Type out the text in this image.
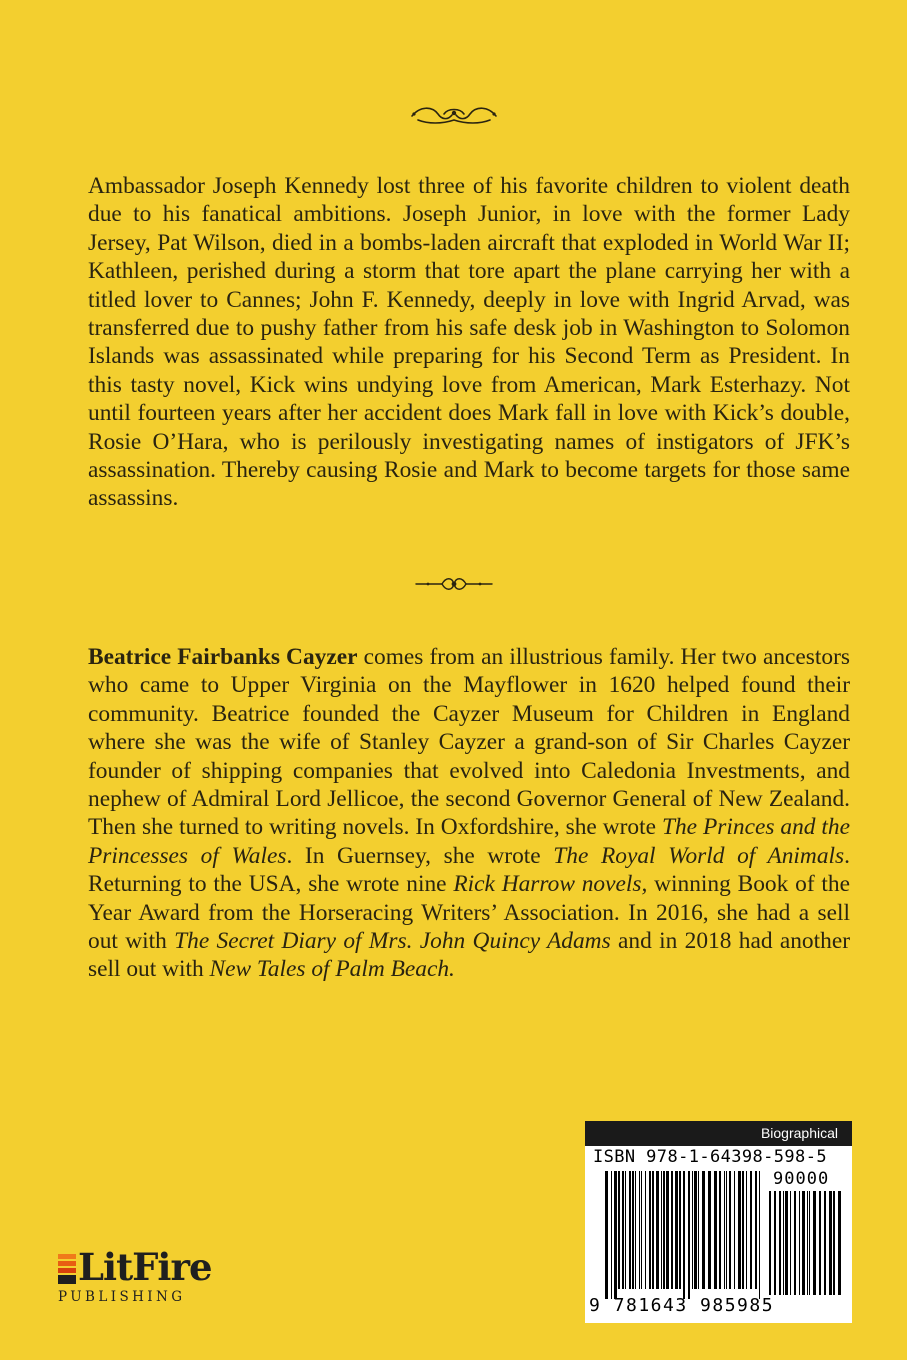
Ambassador Joseph Kennedy lost three of his favorite children to violent death due to his fanatical ambitions. Joseph Junior, in love with the former Lady Jersey, Pat Wilson, died in a bombs-laden aircraft that exploded in World War II; Kathleen, perished during a storm that tore apart the plane carrying her with a titled lover to Cannes; John F. Kennedy, deeply in love with Ingrid Arvad, was transferred due to pushy father from his safe desk job in Washington to Solomon Islands was assassinated while preparing for his Second Term as President. In this tasty novel, Kick wins undying love from American, Mark Esterhazy. Not until fourteen years after her accident does Mark fall in love with Kick’s double, Rosie O’Hara, who is perilously investigating names of instigators of JFK’s assassination. Thereby causing Rosie and Mark to become targets for those same assassins.
Beatrice Fairbanks Cayzer comes from an illustrious family. Her two ancestors who came to Upper Virginia on the Mayflower in 1620 helped found their community. Beatrice founded the Cayzer Museum for Children in England where she was the wife of Stanley Cayzer a grand-son of Sir Charles Cayzer founder of shipping companies that evolved into Caledonia Investments, and nephew of Admiral Lord Jellicoe, the second Governor General of New Zealand. Then she turned to writing novels. In Oxfordshire, she wrote The Princes and the Princesses of Wales. In Guernsey, she wrote The Royal World of Animals. Returning to the USA, she wrote nine Rick Harrow novels, winning Book of the Year Award from the Horseracing Writers’ Association. In 2016, she had a sell out with The Secret Diary of Mrs. John Quincy Adams and in 2018 had another sell out with New Tales of Palm Beach.
Biographical
ISBN 978-1-64398-598-5
90000
9 781643 985985
LitFire
PUBLISHING
